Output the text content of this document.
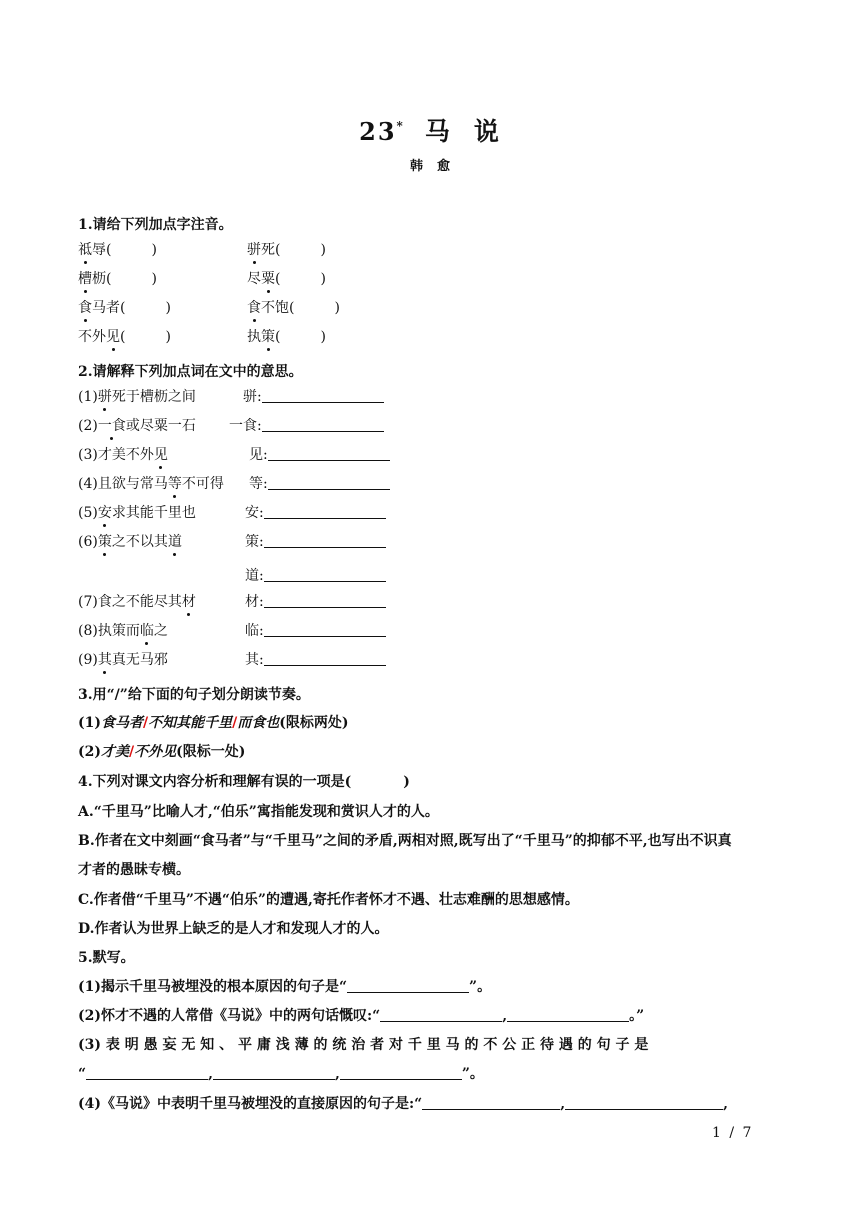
23* 马 说
韩愈
1.请给下列加点字注音。
祗辱(	)	骈死(	)
槽枥(	)	尽粟(	)
食马者(	)	食不饱(	)
不外见(	)	执策(	)
2.请解释下列加点词在文中的意思。
(1)骈死于槽枥之间	骈:
(2)一食或尽粟一石 一食:
(3)才美不外见	见:
(4)且欲与常马等不可得 等:
(5)安求其能千里也	安:
(6)策之不以其道	策:
道:
(7)食之不能尽其材	材:
(8)执策而临之	临:
(9)其真无马邪	其:
3.用“/”给下面的句子划分朗读节奏。
(1)食马者/不知其能千里/而食也(限标两处)
(2)才美/不外见(限标一处)
4.下列对课文内容分析和理解有误的一项是(	)
A.“千里马”比喻人才,“伯乐”寓指能发现和赏识人才的人。
B.作者在文中刻画“食马者”与“千里马”之间的矛盾,两相对照,既写出了“千里马”的抑郁不平,也写出不识真
才者的愚昧专横。
C.作者借“千里马”不遇“伯乐”的遭遇,寄托作者怀才不遇、壮志难酬的思想感情。
D.作者认为世界上缺乏的是人才和发现人才的人。
5.默写。
(1)揭示千里马被埋没的根本原因的句子是“	”。
(2)怀才不遇的人常借《马说》中的两句话慨叹:“	,	。”
(3) 表 明 愚 妄 无 知 、 平 庸 浅 薄 的 统 治 者 对 千 里 马 的 不 公 正 待 遇 的 句 子 是
“	,	,	”。
(4)《马说》中表明千里马被埋没的直接原因的句子是:“	,	,
1 / 7
